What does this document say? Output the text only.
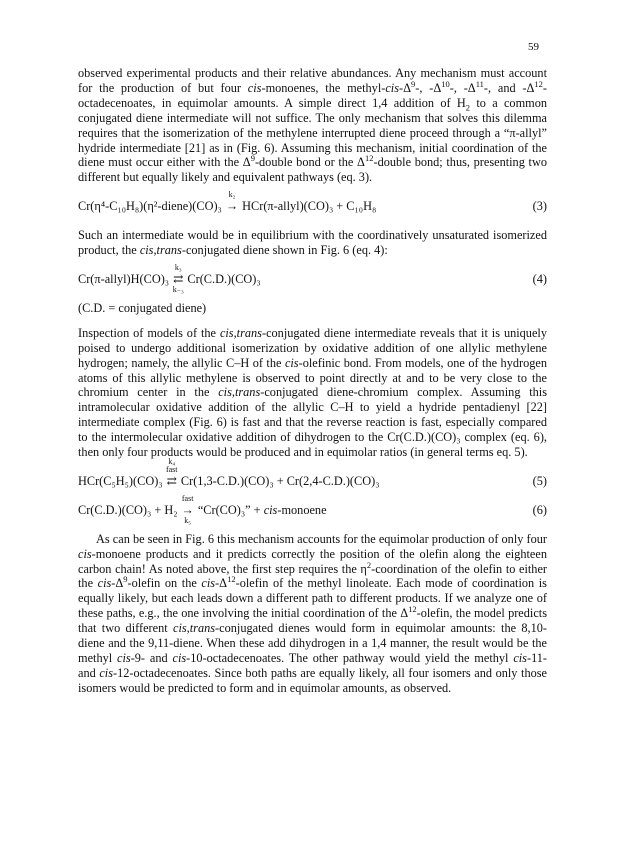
59

observed experimental products and their relative abundances. Any mechanism must account for the production of but four cis-monoenes, the methyl-$cis-\Delta^9-$, $-\Delta^{10}-$, $-\Delta^{11}-$, and $-\Delta^{12}$-octadecenoates, in equimolar amounts. A simple direct 1,4 addition of $H_2$ to a common conjugated diene intermediate will not suffice. The only mechanism that solves this dilemma requires that the isomerization of the methylene interrupted diene proceed through a “π-allyl” hydride intermediate [21] as in (Fig. 6). Assuming this mechanism, initial coordination of the diene must occur either with the $\Delta^9$-double bond or the $\Delta^{12}$-double bond; thus, presenting two different but equally likely and equivalent pathways (eq. 3).

Cr(η⁴-C₁₀H₈)(η²-diene)(CO)₃
k₂
→ HCr(π-allyl)(CO)₃ + C₁₀H₈	(3)

Such an intermediate would be in equilibrium with the coordinatively unsaturated isomerized product, the cis,trans-conjugated diene shown in Fig. 6 (eq. 4):

Cr(π-allyl)H(CO)₃
k₃
⇄
k₋₃
Cr(C.D.)(CO)₃	(4)

(C.D. = conjugated diene)

Inspection of models of the cis,trans-conjugated diene intermediate reveals that it is uniquely poised to undergo additional isomerization by oxidative addition of one allylic methylene hydrogen; namely, the allylic C–H of the cis-olefinic bond. From models, one of the hydrogen atoms of this allylic methylene is observed to point directly at and to be very close to the chromium center in the cis,trans-conjugated diene-chromium complex. Assuming this intramolecular oxidative addition of the allylic C–H to yield a hydride pentadienyl [22] intermediate complex (Fig. 6) is fast and that the reverse reaction is fast, especially compared to the intermolecular oxidative addition of dihydrogen to the Cr(C.D.)(CO)₃ complex (eq. 6), then only four products would be produced and in equimolar ratios (in general terms eq. 5).

HCr(C₅H₅)(CO)₃
k₄
fast
⇄ Cr(1,3-C.D.)(CO)₃ + Cr(2,4-C.D.)(CO)₃	(5)
Cr(C.D.)(CO)₃ + H₂
fast
→
k₅
“Cr(CO)₃” + cis-monoene	(6)

As can be seen in Fig. 6 this mechanism accounts for the equimolar production of only four cis-monoene products and it predicts correctly the position of the olefin along the eighteen carbon chain! As noted above, the first step requires the $\eta^2$-coordination of the olefin to either the cis-$\Delta^9$-olefin on the cis-$\Delta^{12}$-olefin of the methyl linoleate. Each mode of coordination is equally likely, but each leads down a different path to different products. If we analyze one of these paths, e.g., the one involving the initial coordination of the $\Delta^{12}$-olefin, the model predicts that two different cis,trans-conjugated dienes would form in equimolar amounts: the 8,10-diene and the 9,11-diene. When these add dihydrogen in a 1,4 manner, the result would be the methyl cis-9- and cis-10-octadecenoates. The other pathway would yield the methyl cis-11- and cis-12-octadecenoates. Since both paths are equally likely, all four isomers and only those isomers would be predicted to form and in equimolar amounts, as observed.
